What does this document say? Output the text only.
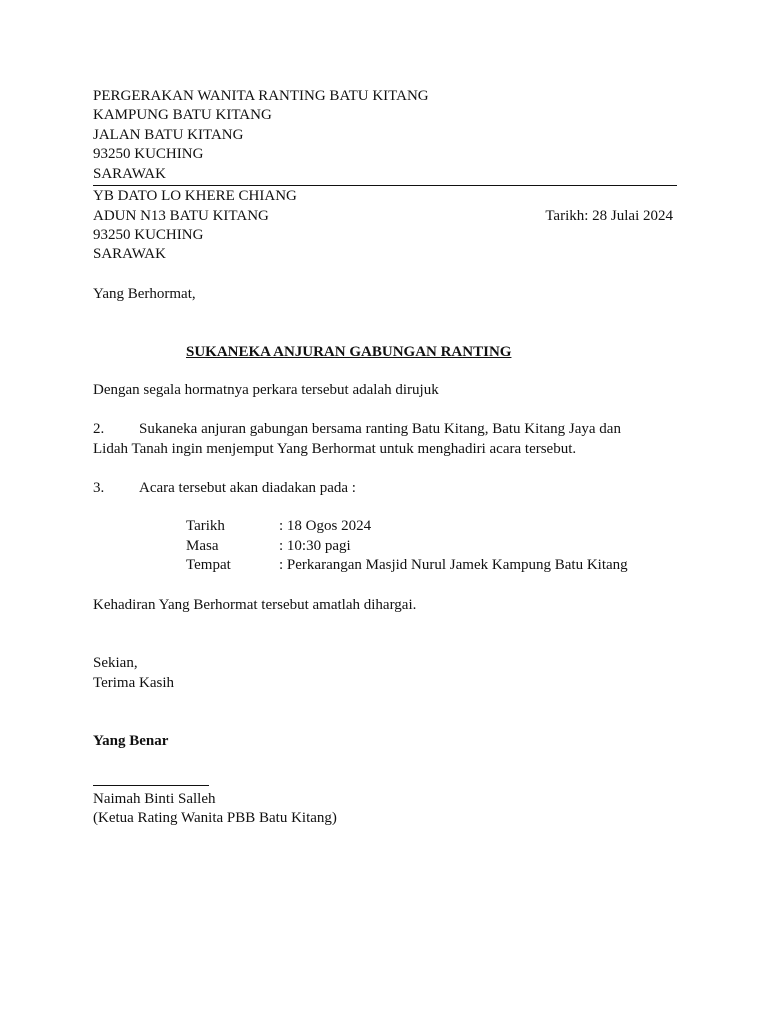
PERGERAKAN WANITA RANTING BATU KITANG
KAMPUNG BATU KITANG
JALAN BATU KITANG
93250 KUCHING
SARAWAK
YB DATO LO KHERE CHIANG
ADUN N13 BATU KITANG
93250 KUCHING
SARAWAK
Tarikh: 28 Julai 2024
Yang Berhormat,
SUKANEKA ANJURAN GABUNGAN RANTING
Dengan segala hormatnya perkara tersebut adalah dirujuk
2. Sukaneka anjuran gabungan bersama ranting Batu Kitang, Batu Kitang Jaya dan
Lidah Tanah ingin menjemput Yang Berhormat untuk menghadiri acara tersebut.
3. Acara tersebut akan diadakan pada :
Tarikh	: 18 Ogos 2024
Masa	: 10:30 pagi
Tempat	: Perkarangan Masjid Nurul Jamek Kampung Batu Kitang
Kehadiran Yang Berhormat tersebut amatlah dihargai.
Sekian,
Terima Kasih
Yang Benar
Naimah Binti Salleh
(Ketua Rating Wanita PBB Batu Kitang)
